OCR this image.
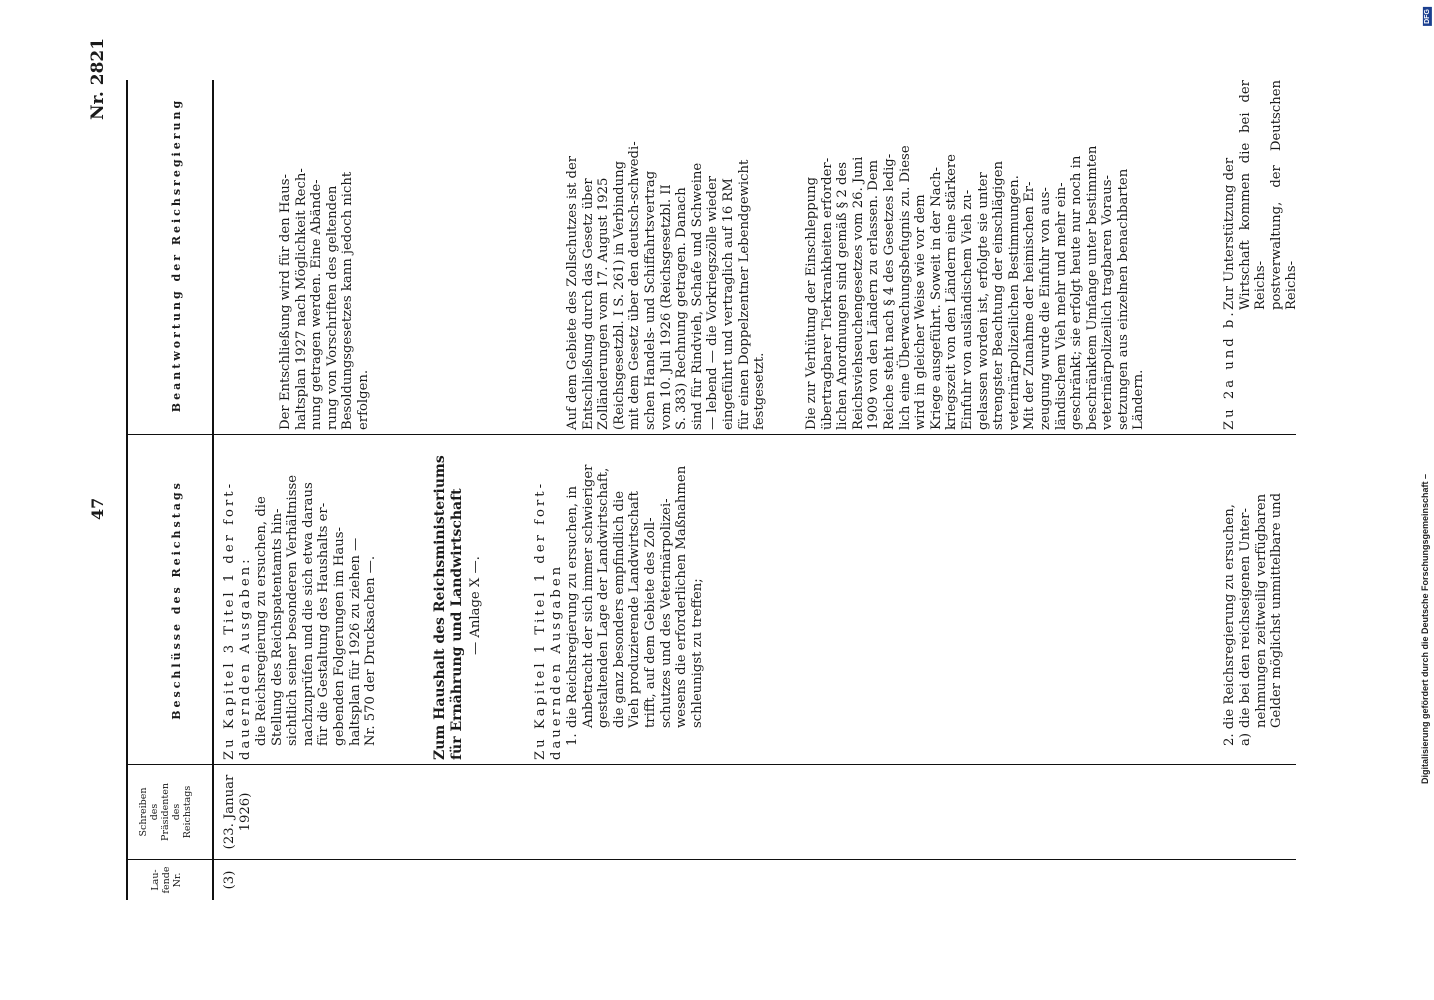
47
Nr. 2821
Lau-
fende
Nr.
Schreiben
des
Präsidenten
des
Reichstags
Beschlüsse des Reichstags
Beantwortung der Reichsregierung
(3)
(23. Januar
1926)
Zu Kapitel 3 Titel 1 der fort- dauernden Ausgaben: die Reichsregierung zu ersuchen, die
Stellung des Reichspatentamts hin-
sichtlich seiner besonderen Verhältnisse
nachzuprüfen und die sich etwa daraus
für die Gestaltung des Haushalts er-
gebenden Folgerungen im Haus-
haltsplan für 1926 zu ziehen —
Nr. 570 der Drucksachen —.
Der Entschließung wird für den Haus-
haltsplan 1927 nach Möglichkeit Rech-
nung getragen werden. Eine Abände-
rung von Vorschriften des geltenden
Besoldungsgesetzes kann jedoch nicht
erfolgen.
Zum Haushalt des Reichsministeriums
für Ernährung und Landwirtschaft — Anlage X —.	Zu Kapitel 1 Titel 1 der fort- dauernden Ausgaben 1.
die Reichsregierung zu ersuchen, in
Anbetracht der sich immer schwieriger
gestaltenden Lage der Landwirtschaft,
die ganz besonders empfindlich die
Vieh produzierende Landwirtschaft
trifft, auf dem Gebiete des Zoll-
schutzes und des Veterinärpolizei-
wesens die erforderlichen Maßnahmen
schleunigst zu treffen;
Auf dem Gebiete des Zollschutzes ist der
Entschließung durch das Gesetz über
Zolländerungen vom 17. August 1925
(Reichsgesetzbl. I S. 261) in Verbindung
mit dem Gesetz über den deutsch-schwedi-
schen Handels- und Schiffahrtsvertrag
vom 10. Juli 1926 (Reichsgesetzbl. II
S. 383) Rechnung getragen. Danach
sind für Rindvieh, Schafe und Schweine
— lebend — die Vorkriegszölle wieder
eingeführt und vertraglich auf 16 RM
für einen Doppelzentner Lebendgewicht
festgesetzt.	Die zur Verhütung der Einschleppung
übertragbarer Tierkrankheiten erforder-
lichen Anordnungen sind gemäß § 2 des
Reichsviehseuchengesetzes vom 26. Juni
1909 von den Ländern zu erlassen. Dem
Reiche steht nach § 4 des Gesetzes ledig-
lich eine Überwachungsbefugnis zu. Diese
wird in gleicher Weise wie vor dem
Kriege ausgeführt. Soweit in der Nach-
kriegszeit von den Ländern eine stärkere
Einfuhr von ausländischem Vieh zu-
gelassen worden ist, erfolgte sie unter
strengster Beachtung der einschlägigen
veterinärpolizeilichen Bestimmungen.
Mit der Zunahme der heimischen Er-
zeugung wurde die Einfuhr von aus-
ländischem Vieh mehr und mehr ein-
geschränkt; sie erfolgt heute nur noch in
beschränktem Umfange unter bestimmten
veterinärpolizeilich tragbaren Voraus-
setzungen aus einzelnen benachbarten
Ländern.
2. die Reichsregierung zu ersuchen, a)
die bei den reichseigenen Unter-
nehmungen zeitweilig verfügbaren
Gelder möglichst unmittelbare und
Zu 2a und b.
Zur Unterstützung der
Wirtschaft kommen die bei der Reichs-
postverwaltung, der Deutschen Reichs-
Digitalisierung gefördert durch die Deutsche Forschungsgemeinschaft –
DFG
